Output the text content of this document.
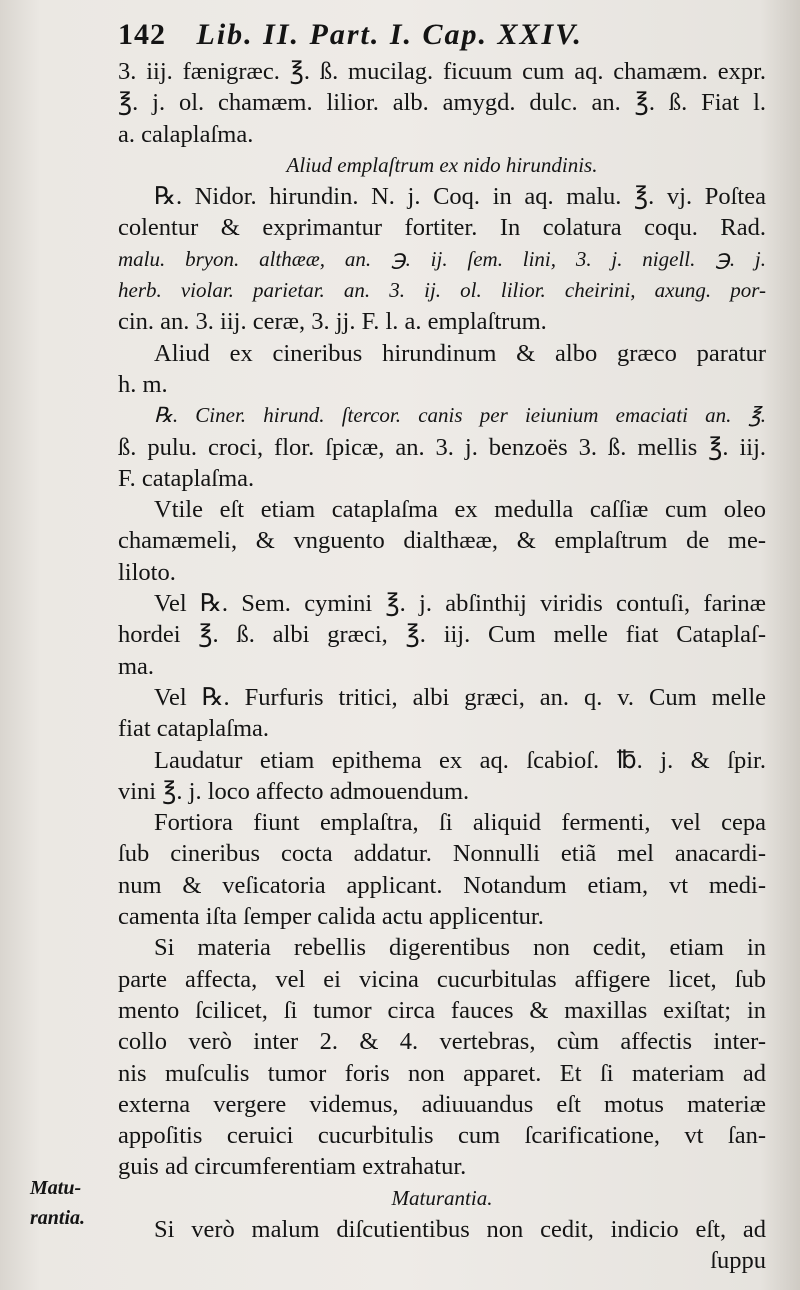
142 Lib. II. Part. I. Cap. XXIV.
3. iij. fænigræc. ℥. ß. mucilag. ficuum cum aq. chamæm. expr.
℥. j. ol. chamæm. lilior. alb. amygd. dulc. an. ℥. ß. Fiat l.
a. calaplaſma.
Aliud emplaſtrum ex nido hirundinis.
℞. Nidor. hirundin. N. j. Coq. in aq. malu. ℥. vj. Poſtea
colentur & exprimantur fortiter. In colatura coqu. Rad.
malu. bryon. althææ, an. ℈. ij. ſem. lini, 3. j. nigell. ℈. j.
herb. violar. parietar. an. 3. ij. ol. lilior. cheirini, axung. por-
cin. an. 3. iij. ceræ, 3. jj. F. l. a. emplaſtrum.
Aliud ex cineribus hirundinum & albo græco paratur
h. m.
℞. Ciner. hirund. ſtercor. canis per ieiunium emaciati an. ℥.
ß. pulu. croci, flor. ſpicæ, an. 3. j. benzoës 3. ß. mellis ℥. iij.
F. cataplaſma.
Vtile eſt etiam cataplaſma ex medulla caſſiæ cum oleo
chamæmeli, & vnguento dialthææ, & emplaſtrum de me-
liloto.
Vel ℞. Sem. cymini ℥. j. abſinthij viridis contuſi, farinæ
hordei ℥. ß. albi græci, ℥. iij. Cum melle fiat Cataplaſ-
ma.
Vel ℞. Furfuris tritici, albi græci, an. q. v. Cum melle
fiat cataplaſma.
Laudatur etiam epithema ex aq. ſcabioſ. ℔. j. & ſpir.
vini ℥. j. loco affecto admouendum.
Fortiora fiunt emplaſtra, ſi aliquid fermenti, vel cepa
ſub cineribus cocta addatur. Nonnulli etiã mel anacardi-
num & veſicatoria applicant. Notandum etiam, vt medi-
camenta iſta ſemper calida actu applicentur.
Si materia rebellis digerentibus non cedit, etiam in
parte affecta, vel ei vicina cucurbitulas affigere licet, ſub
mento ſcilicet, ſi tumor circa fauces & maxillas exiſtat; in
collo verò inter 2. & 4. vertebras, cùm affectis inter-
nis muſculis tumor foris non apparet. Et ſi materiam ad
externa vergere videmus, adiuuandus eſt motus materiæ
appoſitis ceruici cucurbitulis cum ſcarificatione, vt ſan-
guis ad circumferentiam extrahatur.
Maturantia.
Si verò malum diſcutientibus non cedit, indicio eſt, ad
ſuppu
Matu-
rantia.
